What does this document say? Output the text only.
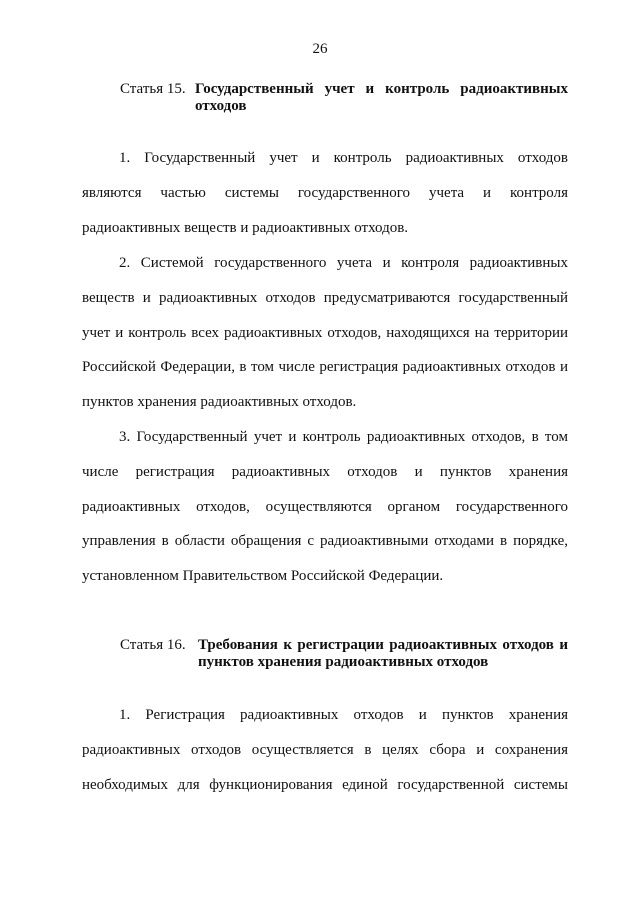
26
Статья 15. Государственный учет и контроль радиоактивных отходов

1. Государственный учет и контроль радиоактивных отходов являются частью системы государственного учета и контроля радиоактивных веществ и радиоактивных отходов.

2. Системой государственного учета и контроля радиоактивных веществ и радиоактивных отходов предусматриваются государственный учет и контроль всех радиоактивных отходов, находящихся на территории Российской Федерации, в том числе регистрация радиоактивных отходов и пунктов хранения радиоактивных отходов.

3. Государственный учет и контроль радиоактивных отходов, в том числе регистрация радиоактивных отходов и пунктов хранения радиоактивных отходов, осуществляются органом государственного управления в области обращения с радиоактивными отходами в порядке, установленном Правительством Российской Федерации.

Статья 16. Требования к регистрации радиоактивных отходов и пунктов хранения радиоактивных отходов

1. Регистрация радиоактивных отходов и пунктов хранения радиоактивных отходов осуществляется в целях сбора и сохранения необходимых для функционирования единой государственной системы
